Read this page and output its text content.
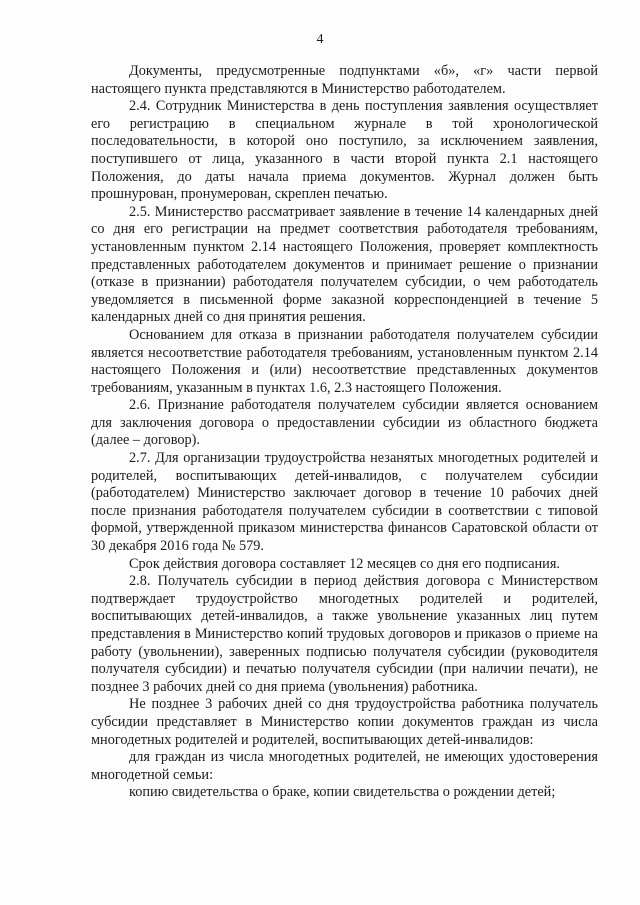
4

Документы, предусмотренные подпунктами «б», «г» части первой настоящего пункта представляются в Министерство работодателем.

2.4. Сотрудник Министерства в день поступления заявления осуществляет его регистрацию в специальном журнале в той хронологической последовательности, в которой оно поступило, за исключением заявления, поступившего от лица, указанного в части второй пункта 2.1 настоящего Положения, до даты начала приема документов. Журнал должен быть прошнурован, пронумерован, скреплен печатью.

2.5. Министерство рассматривает заявление в течение 14 календарных дней со дня его регистрации на предмет соответствия работодателя требованиям, установленным пунктом 2.14 настоящего Положения, проверяет комплектность представленных работодателем документов и принимает решение о признании (отказе в признании) работодателя получателем субсидии, о чем работодатель уведомляется в письменной форме заказной корреспонденцией в течение 5 календарных дней со дня принятия решения.

Основанием для отказа в признании работодателя получателем субсидии является несоответствие работодателя требованиям, установленным пунктом 2.14 настоящего Положения и (или) несоответствие представленных документов требованиям, указанным в пунктах 1.6, 2.3 настоящего Положения.

2.6. Признание работодателя получателем субсидии является основанием для заключения договора о предоставлении субсидии из областного бюджета (далее – договор).

2.7. Для организации трудоустройства незанятых многодетных родителей и родителей, воспитывающих детей-инвалидов, с получателем субсидии (работодателем) Министерство заключает договор в течение 10 рабочих дней после признания работодателя получателем субсидии в соответствии с типовой формой, утвержденной приказом министерства финансов Саратовской области от 30 декабря 2016 года № 579.

Срок действия договора составляет 12 месяцев со дня его подписания.

2.8. Получатель субсидии в период действия договора с Министерством подтверждает трудоустройство многодетных родителей и родителей, воспитывающих детей-инвалидов, а также увольнение указанных лиц путем представления в Министерство копий трудовых договоров и приказов о приеме на работу (увольнении), заверенных подписью получателя субсидии (руководителя получателя субсидии) и печатью получателя субсидии (при наличии печати), не позднее 3 рабочих дней со дня приема (увольнения) работника.

Не позднее 3 рабочих дней со дня трудоустройства работника получатель субсидии представляет в Министерство копии документов граждан из числа многодетных родителей и родителей, воспитывающих детей-инвалидов:

для граждан из числа многодетных родителей, не имеющих удостоверения многодетной семьи:

копию свидетельства о браке, копии свидетельства о рождении детей;
